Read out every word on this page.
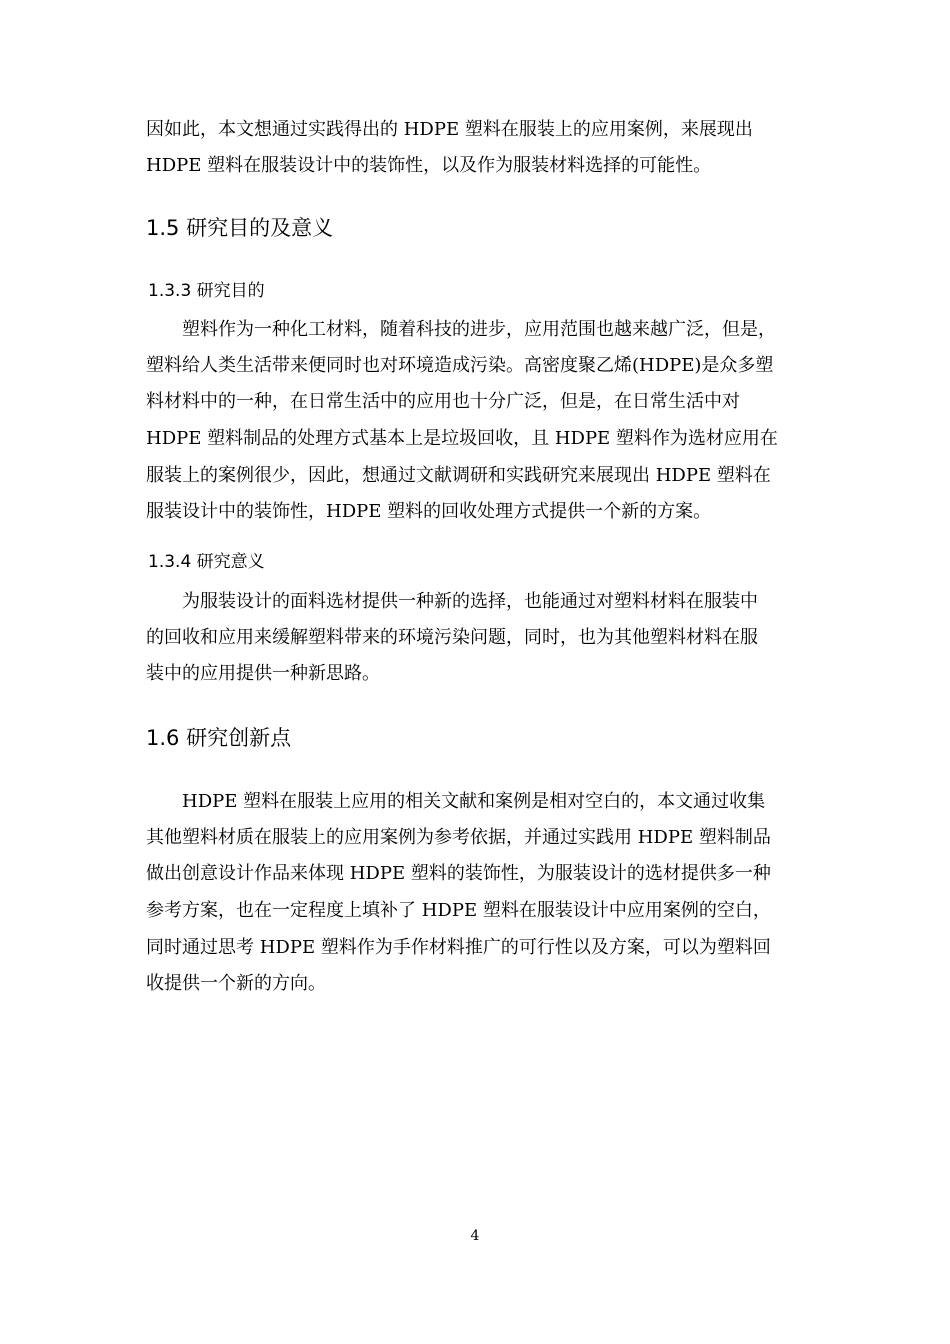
因如此，本文想通过实践得出的 HDPE 塑料在服装上的应用案例，来展现出
HDPE 塑料在服装设计中的装饰性，以及作为服装材料选择的可能性。
1.5 研究目的及意义
1.3.3 研究目的
塑料作为一种化工材料，随着科技的进步，应用范围也越来越广泛，但是，
塑料给人类生活带来便同时也对环境造成污染。高密度聚乙烯(HDPE)是众多塑
料材料中的一种，在日常生活中的应用也十分广泛，但是，在日常生活中对
HDPE 塑料制品的处理方式基本上是垃圾回收，且 HDPE 塑料作为选材应用在
服装上的案例很少，因此，想通过文献调研和实践研究来展现出 HDPE 塑料在
服装设计中的装饰性，HDPE 塑料的回收处理方式提供一个新的方案。
1.3.4 研究意义
为服装设计的面料选材提供一种新的选择，也能通过对塑料材料在服装中
的回收和应用来缓解塑料带来的环境污染问题，同时，也为其他塑料材料在服
装中的应用提供一种新思路。
1.6 研究创新点
HDPE 塑料在服装上应用的相关文献和案例是相对空白的，本文通过收集
其他塑料材质在服装上的应用案例为参考依据，并通过实践用 HDPE 塑料制品
做出创意设计作品来体现 HDPE 塑料的装饰性，为服装设计的选材提供多一种
参考方案，也在一定程度上填补了 HDPE 塑料在服装设计中应用案例的空白，
同时通过思考 HDPE 塑料作为手作材料推广的可行性以及方案，可以为塑料回
收提供一个新的方向。
4
